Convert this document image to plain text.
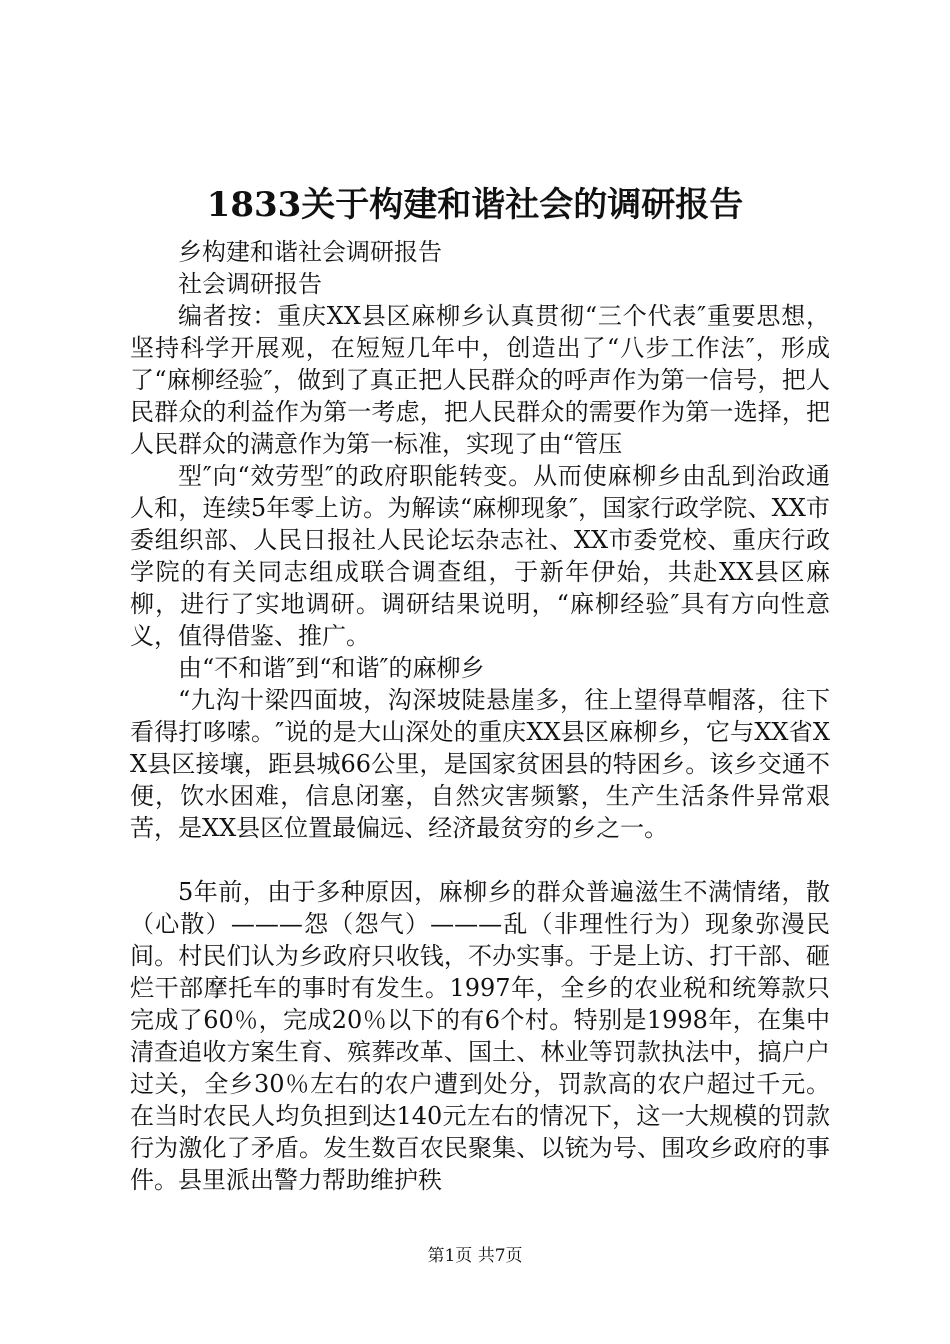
1833关于构建和谐社会的调研报告

乡构建和谐社会调研报告

社会调研报告

编者按：重庆XX县区麻柳乡认真贯彻“三个代表″重要思想，坚持科学开展观，在短短几年中，创造出了“八步工作法″，形成了“麻柳经验″，做到了真正把人民群众的呼声作为第一信号，把人民群众的利益作为第一考虑，把人民群众的需要作为第一选择，把人民群众的满意作为第一标准，实现了由“管压

型″向“效劳型″的政府职能转变。从而使麻柳乡由乱到治政通人和，连续5年零上访。为解读“麻柳现象″，国家行政学院、XX市委组织部、人民日报社人民论坛杂志社、XX市委党校、重庆行政学院的有关同志组成联合调查组，于新年伊始，共赴XX县区麻柳，进行了实地调研。调研结果说明，“麻柳经验″具有方向性意义，值得借鉴、推广。

由“不和谐″到“和谐″的麻柳乡

“九沟十梁四面坡，沟深坡陡悬崖多，往上望得草帽落，往下看得打哆嗦。″说的是大山深处的重庆XX县区麻柳乡，它与XX省XX县区接壤，距县城66公里，是国家贫困县的特困乡。该乡交通不便，饮水困难，信息闭塞，自然灾害频繁，生产生活条件异常艰苦，是XX县区位置最偏远、经济最贫穷的乡之一。

5年前，由于多种原因，麻柳乡的群众普遍滋生不满情绪，散（心散）———怨（怨气）———乱（非理性行为）现象弥漫民间。村民们认为乡政府只收钱，不办实事。于是上访、打干部、砸烂干部摩托车的事时有发生。1997年，全乡的农业税和统筹款只完成了60％，完成20％以下的有6个村。特别是1998年，在集中清查追收方案生育、殡葬改革、国土、林业等罚款执法中，搞户户过关，全乡30％左右的农户遭到处分，罚款高的农户超过千元。在当时农民人均负担到达140元左右的情况下，这一大规模的罚款行为激化了矛盾。发生数百农民聚集、以铳为号、围攻乡政府的事件。县里派出警力帮助维护秩

第1页 共7页
